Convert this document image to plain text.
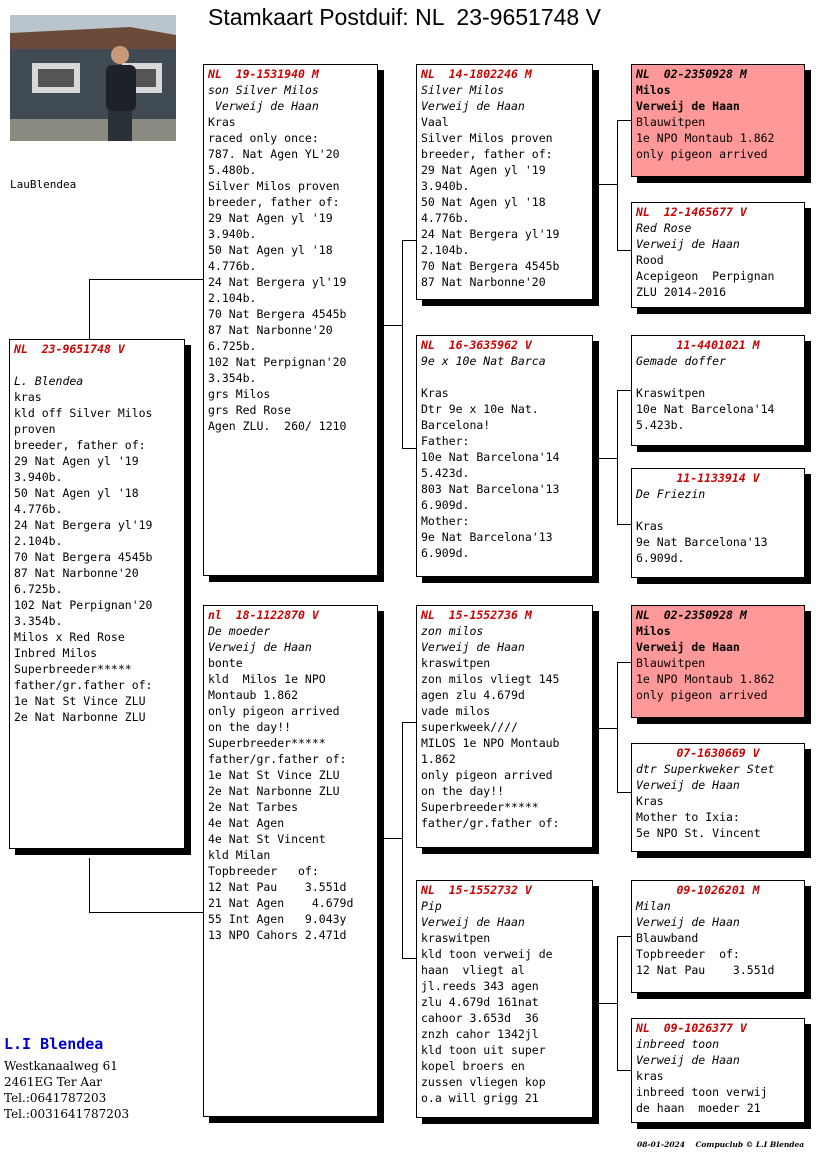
Stamkaart Postduif: NL  23-9651748 V
LauBlendea
NL  23-9651748 V
L. Blendea
kras
kld off Silver Milos
proven
breeder, father of:
29 Nat Agen yl '19
3.940b.
50 Nat Agen yl '18
4.776b.
24 Nat Bergera yl'19
2.104b.
70 Nat Bergera 4545b
87 Nat Narbonne'20
6.725b.
102 Nat Perpignan'20
3.354b.
Milos x Red Rose
Inbred Milos
Superbreeder*****
father/gr.father of:
1e Nat St Vince ZLU
2e Nat Narbonne ZLU
NL  19-1531940 M
son Silver Milos
Verweij de Haan
Kras
raced only once:
787. Nat Agen YL'20
5.480b.
Silver Milos proven
breeder, father of:
29 Nat Agen yl '19
3.940b.
50 Nat Agen yl '18
4.776b.
24 Nat Bergera yl'19
2.104b.
70 Nat Bergera 4545b
87 Nat Narbonne'20
6.725b.
102 Nat Perpignan'20
3.354b.
grs Milos
grs Red Rose
Agen ZLU.  260/ 1210
nl  18-1122870 V
De moeder
Verweij de Haan
bonte
kld  Milos 1e NPO
Montaub 1.862
only pigeon arrived
on the day!!
Superbreeder*****
father/gr.father of:
1e Nat St Vince ZLU
2e Nat Narbonne ZLU
2e Nat Tarbes
4e Nat Agen
4e Nat St Vincent
kld Milan
Topbreeder   of:
12 Nat Pau    3.551d
21 Nat Agen    4.679d
55 Int Agen   9.043y
13 NPO Cahors 2.471d
NL  14-1802246 M
Silver Milos
Verweij de Haan
Vaal
Silver Milos proven
breeder, father of:
29 Nat Agen yl '19
3.940b.
50 Nat Agen yl '18
4.776b.
24 Nat Bergera yl'19
2.104b.
70 Nat Bergera 4545b
87 Nat Narbonne'20
NL  16-3635962 V
9e x 10e Nat Barca
Kras
Dtr 9e x 10e Nat.
Barcelona!
Father:
10e Nat Barcelona'14
5.423d.
803 Nat Barcelona'13
6.909d.
Mother:
9e Nat Barcelona'13
6.909d.
NL  15-1552736 M
zon milos
Verweij de Haan
kraswitpen
zon milos vliegt 145
agen zlu 4.679d
vade milos
superkweek////
MILOS 1e NPO Montaub
1.862
only pigeon arrived
on the day!!
Superbreeder*****
father/gr.father of:
NL  15-1552732 V
Pip
Verweij de Haan
kraswitpen
kld toon verweij de
haan  vliegt al
jl.reeds 343 agen
zlu 4.679d 161nat
cahoor 3.653d  36
znzh cahor 1342jl
kld toon uit super
kopel broers en
zussen vliegen kop
o.a will grigg 21
NL  02-2350928 M
Milos
Verweij de Haan
Blauwitpen
1e NPO Montaub 1.862
only pigeon arrived
NL  12-1465677 V
Red Rose
Verweij de Haan
Rood
Acepigeon  Perpignan
ZLU 2014-2016
11-4401021 M
Gemade doffer
Kraswitpen
10e Nat Barcelona'14
5.423b.
11-1133914 V
De Friezin
Kras
9e Nat Barcelona'13
6.909d.
NL  02-2350928 M
Milos
Verweij de Haan
Blauwitpen
1e NPO Montaub 1.862
only pigeon arrived
07-1630669 V
dtr Superkweker Stet
Verweij de Haan
Kras
Mother to Ixia:
5e NPO St. Vincent
09-1026201 M
Milan
Verweij de Haan
Blauwband
Topbreeder  of:
12 Nat Pau    3.551d
NL  09-1026377 V
inbreed toon
Verweij de Haan
kras
inbreed toon verwij
de haan  moeder 21
L.I Blendea
Westkanaalweg 61
2461EG Ter Aar
Tel.:0641787203
Tel.:0031641787203
08-01-2024 Compuclub © L.I Blendea
